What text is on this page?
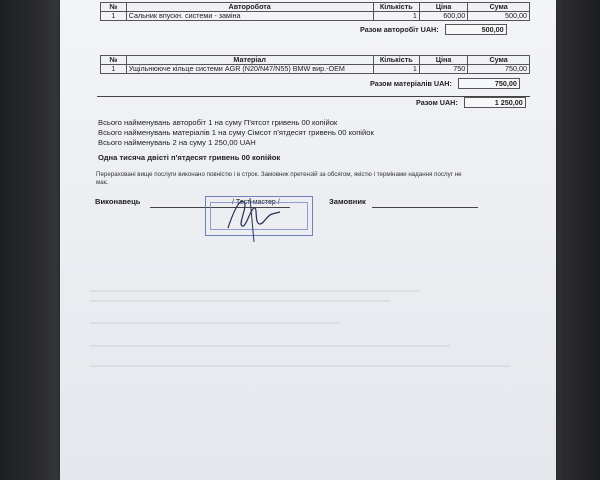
№	Авторобота	Кількість	Ціна	Сума
1	Сальник впускн. системи - заміна	1	600,00	500,00
Разом авторобіт UAH:	500,00
№	Матеріал	Кількість	Ціна	Сума
1	Ущільнююче кільце системи AGR (N20/N47/N55) BMW вир.-OEM	1	750	750,00
Разом матеріалів UAH:	750,00
Разом UAH:	1 250,00
Всього найменувань авторобіт 1 на суму П'ятсот гривень 00 копійок
Всього найменувань матеріалів 1 на суму Сімсот п'ятдесят гривень 00 копійок
Всього найменувань 2 на суму 1 250,00 UAH
Одна тисяча двісті п'ятдесят гривень 00 копійок
Перераховані вище послуги виконано повністю і в строк. Замовник претензій за обсягом, якістю і термінами надання послуг не має.
Виконавець	/ Тест-мастер /	Замовник
